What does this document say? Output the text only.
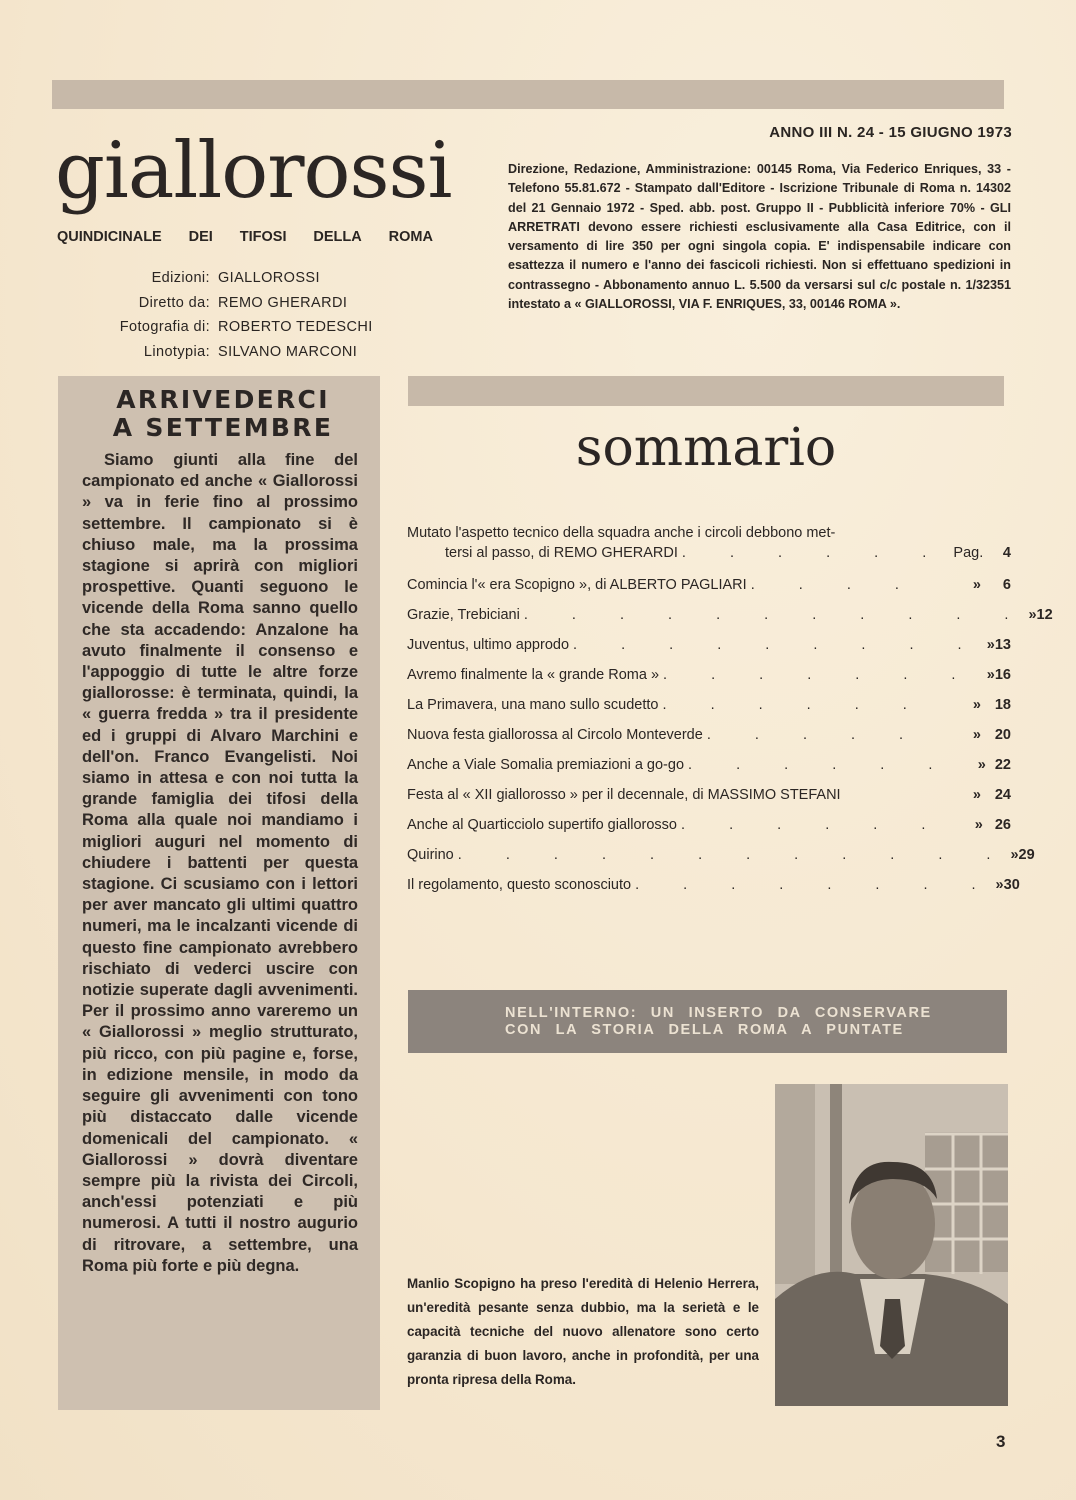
giallorossi
QUINDICINALE DEI TIFOSI DELLA ROMA
Edizioni: GIALLOROSSI
Diretto da: REMO GHERARDI
Fotografia di: ROBERTO TEDESCHI
Linotypia: SILVANO MARCONI
ANNO III N. 24 - 15 GIUGNO 1973
Direzione, Redazione, Amministrazione: 00145 Roma, Via Federico Enriques, 33 - Telefono 55.81.672 - Stampato dall'Editore - Iscrizione Tribunale di Roma n. 14302 del 21 Gennaio 1972 - Sped. abb. post. Gruppo II - Pubblicità inferiore 70% - GLI ARRETRATI devono essere richiesti esclusivamente alla Casa Editrice, con il versamento di lire 350 per ogni singola copia. E' indispensabile indicare con esattezza il numero e l'anno dei fascicoli richiesti. Non si effettuano spedizioni in contrassegno - Abbonamento annuo L. 5.500 da versarsi sul c/c postale n. 1/32351 intestato a « GIALLOROSSI, VIA F. ENRIQUES, 33, 00146 ROMA ».
ARRIVEDERCI
A SETTEMBRE

Siamo giunti alla fine del campionato ed anche « Giallorossi » va in ferie fino al prossimo settembre. Il campionato si è chiuso male, ma la prossima stagione si aprirà con migliori prospettive. Quanti seguono le vicende della Roma sanno quello che sta accadendo: Anzalone ha avuto finalmente il consenso e l'appoggio di tutte le altre forze giallorosse: è terminata, quindi, la « guerra fredda » tra il presidente ed i gruppi di Alvaro Marchini e dell'on. Franco Evangelisti. Noi siamo in attesa e con noi tutta la grande famiglia dei tifosi della Roma alla quale noi mandiamo i migliori auguri nel momento di chiudere i battenti per questa stagione. Ci scusiamo con i lettori per aver mancato gli ultimi quattro numeri, ma le incalzanti vicende di questo fine campionato avrebbero rischiato di vederci uscire con notizie superate dagli avvenimenti. Per il prossimo anno vareremo un « Giallorossi » meglio strutturato, più ricco, con più pagine e, forse, in edizione mensile, in modo da seguire gli avvenimenti con tono più distaccato dalle vicende domenicali del campionato. « Giallorossi » dovrà diventare sempre più la rivista dei Circoli, anch'essi potenziati e più numerosi. A tutti il nostro augurio di ritrovare, a settembre, una Roma più forte e più degna.

sommario
Mutato l'aspetto tecnico della squadra anche i circoli debbono met-
tersi al passo, di REMO GHERARDI . . . . . . Pag.	4
Comincia l'« era Scopigno », di ALBERTO PAGLIARI . . . .	»	6
Grazie, Trebiciani . . . . . . . . . . . » 12
Juventus, ultimo approdo . . . . . . . . . » 13
Avremo finalmente la « grande Roma » . . . . . . . » 16
La Primavera, una mano sullo scudetto . . . . . .	» 18
Nuova festa giallorossa al Circolo Monteverde . . . . .	» 20
Anche a Viale Somalia premiazioni a go-go . . . . . .	» 22
Festa al « XII giallorosso » per il decennale, di MASSIMO STEFANI	» 24
Anche al Quarticciolo supertifo giallorosso . . . . . .	» 26
Quirino . . . . . . . . . . . . » 29
Il regolamento, questo sconosciuto . . . . . . . . » 30
NELL'INTERNO: UN INSERTO DA CONSERVARE
CON LA STORIA DELLA ROMA A PUNTATE
Manlio Scopigno ha preso l'eredità di Helenio Herrera, un'eredità pesante senza dubbio, ma la serietà e le capacità tecniche del nuovo allenatore sono certo garanzia di buon lavoro, anche in profondità, per una pronta ripresa della Roma.
3
